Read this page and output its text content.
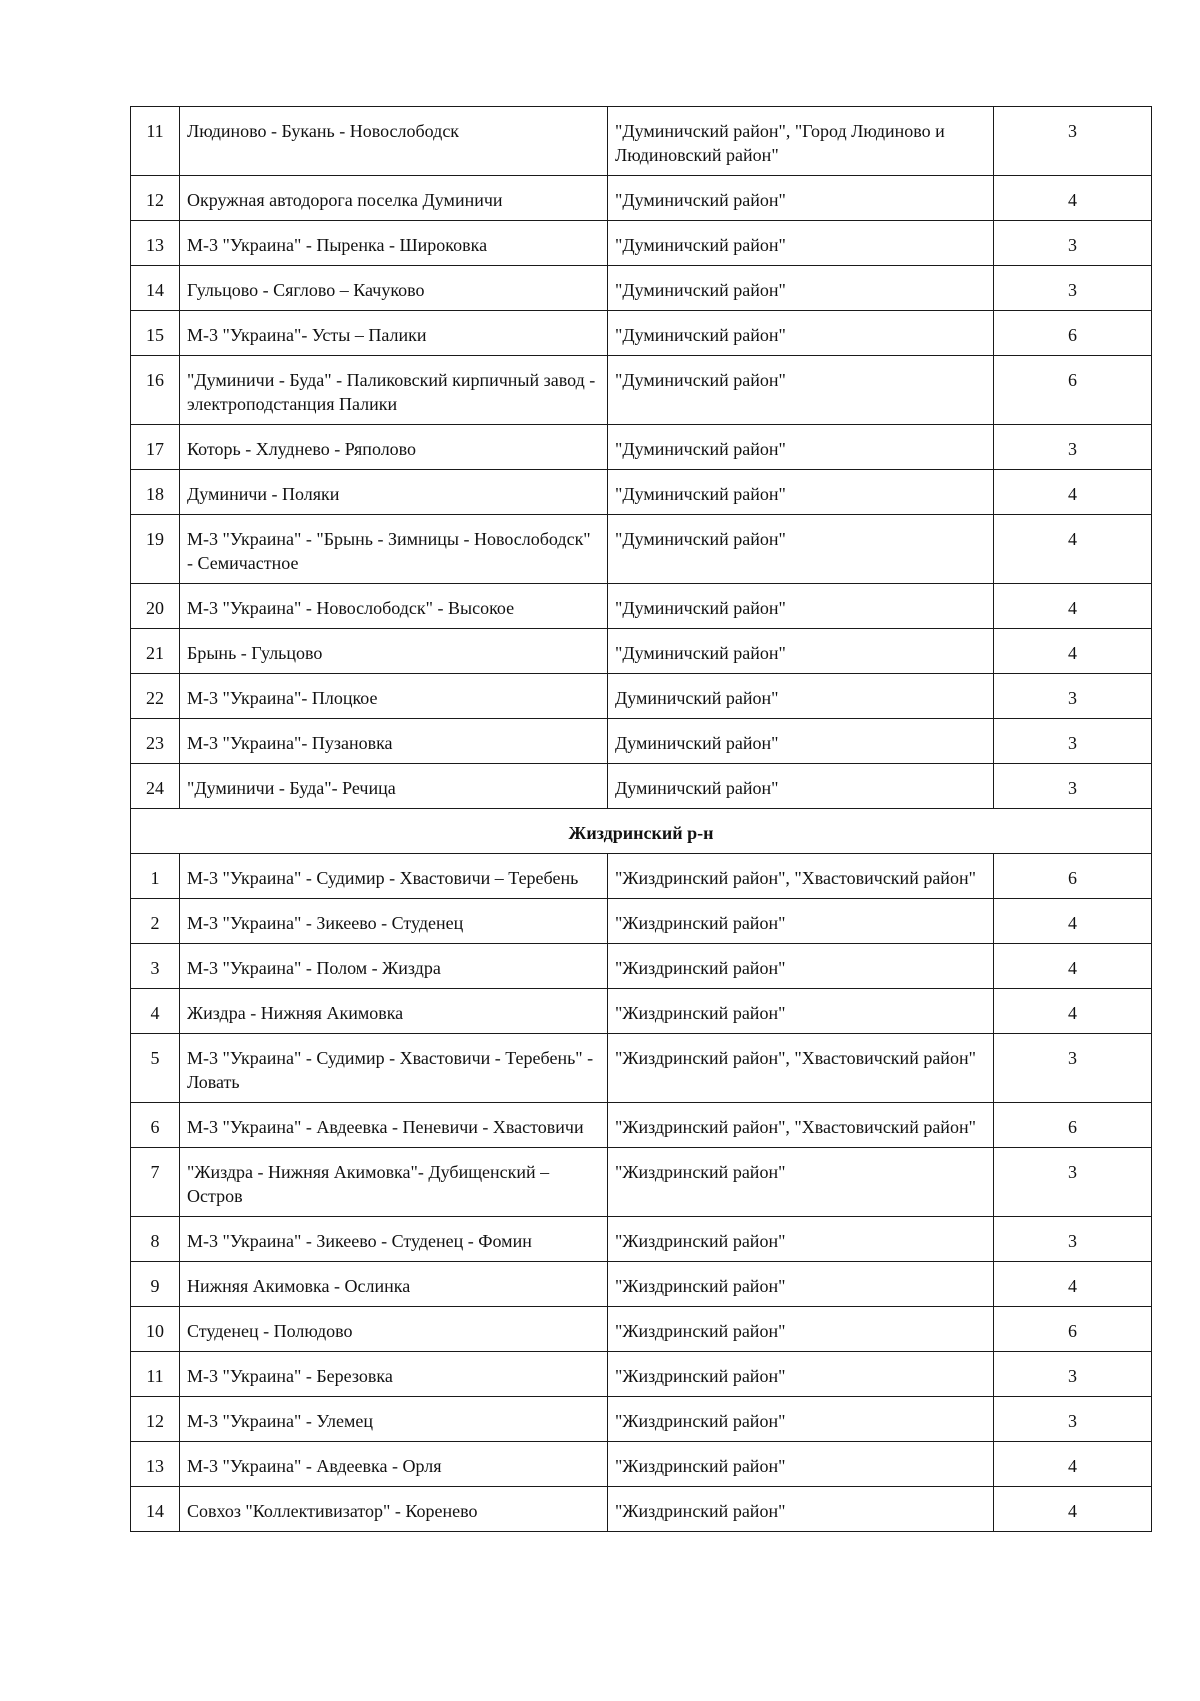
11	Людиново - Букань - Новослободск	"Думиничский район", "Город Людиново и Людиновский район"	3
12	Окружная автодорога поселка Думиничи	"Думиничский район"	4
13	М-3 "Украина" - Пыренка - Широковка	"Думиничский район"	3
14	Гульцово - Сяглово – Качуково	"Думиничский район"	3
15	М-3 "Украина"- Усты – Палики	"Думиничский район"	6
16	"Думиничи - Буда" - Паликовский кирпичный завод - электроподстанция Палики	"Думиничский район"	6
17	Которь - Хлуднево - Ряполово	"Думиничский район"	3
18	Думиничи - Поляки	"Думиничский район"	4
19	М-3 "Украина" - "Брынь - Зимницы - Новослободск" - Семичастное	"Думиничский район"	4
20	М-3 "Украина" - Новослободск" - Высокое	"Думиничский район"	4
21	Брынь - Гульцово	"Думиничский район"	4
22	М-3 "Украина"- Плоцкое	Думиничский район"	3
23	М-3 "Украина"- Пузановка	Думиничский район"	3
24	"Думиничи - Буда"- Речица	Думиничский район"	3
Жиздринский р-н			
1	М-3 "Украина" - Судимир - Хвастовичи – Теребень	"Жиздринский район", "Хвастовичский район"	6
2	М-3 "Украина" - Зикеево - Студенец	"Жиздринский район"	4
3	М-3 "Украина" - Полом - Жиздра	"Жиздринский район"	4
4	Жиздра - Нижняя Акимовка	"Жиздринский район"	4
5	М-3 "Украина" - Судимир - Хвастовичи - Теребень" - Ловать	"Жиздринский район", "Хвастовичский район"	3
6	М-3 "Украина" - Авдеевка - Пеневичи - Хвастовичи	"Жиздринский район", "Хвастовичский район"	6
7	"Жиздра - Нижняя Акимовка"- Дубищенский – Остров	"Жиздринский район"	3
8	М-3 "Украина" - Зикеево - Студенец - Фомин	"Жиздринский район"	3
9	Нижняя Акимовка - Ослинка	"Жиздринский район"	4
10	Студенец - Полюдово	"Жиздринский район"	6
11	М-3 "Украина" - Березовка	"Жиздринский район"	3
12	М-3 "Украина" - Улемец	"Жиздринский район"	3
13	М-3 "Украина" - Авдеевка - Орля	"Жиздринский район"	4
14	Совхоз "Коллективизатор" - Коренево	"Жиздринский район"	4
